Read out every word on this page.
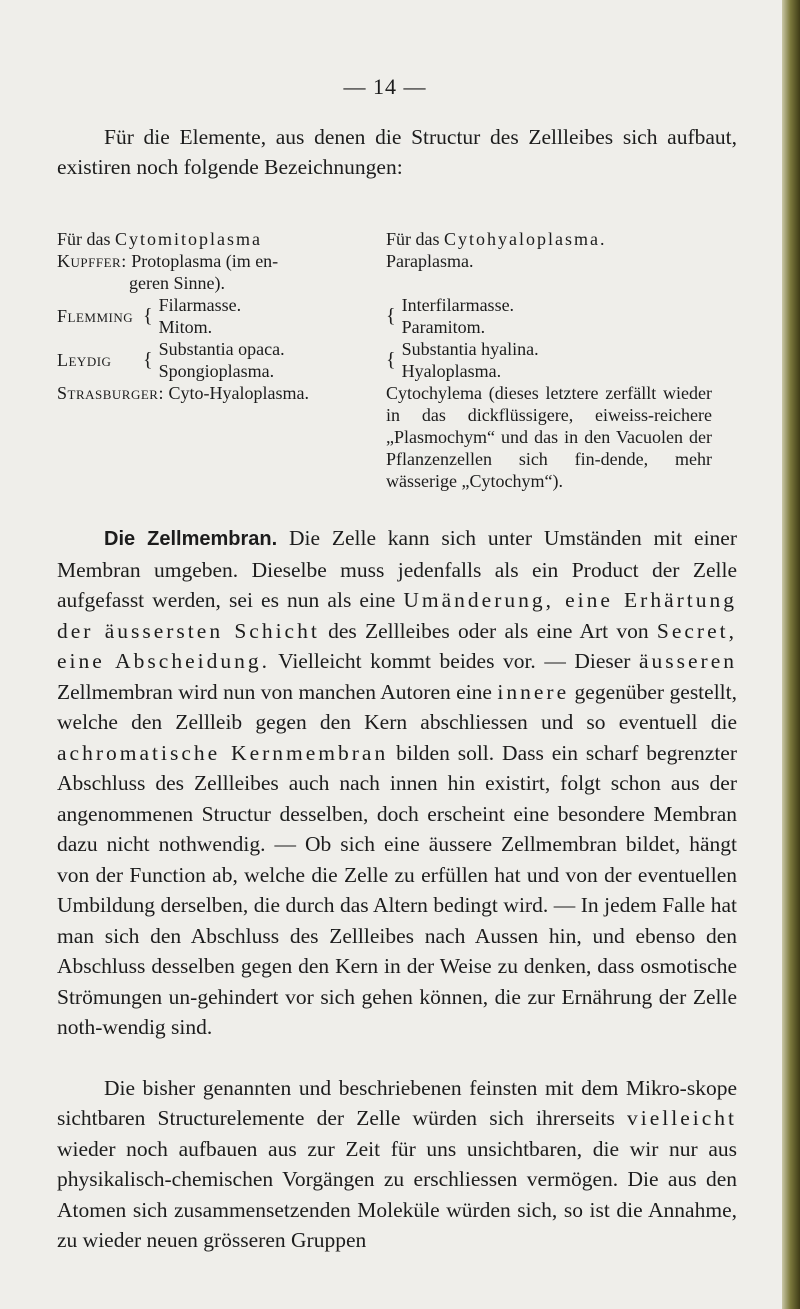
— 14 —

Für die Elemente, aus denen die Structur des Zellleibes sich aufbaut, existiren noch folgende Bezeichnungen:

Für das Cytomitoplasma
Kupffer: Protoplasma (im en-
geren Sinne).
Flemming { Filarmasse.
Mitom.
Leydig	{ Substantia opaca.
Spongioplasma.
Strasburger: Cyto-Hyaloplasma.
Für das Cytohyaloplasma.
Paraplasma.
{ Interfilarmasse.
Paramitom.
{ Substantia hyalina.
Hyaloplasma.
Cytochylema (dieses letztere zerfällt wieder in das dickflüssigere, eiweiss-reichere „Plasmochym“ und das in den Vacuolen der Pflanzenzellen sich fin-dende, mehr wässerige „Cytochym“).

Die Zellmembran. Die Zelle kann sich unter Umständen mit einer Membran umgeben. Dieselbe muss jedenfalls als ein Product der Zelle aufgefasst werden, sei es nun als eine Umänderung, eine Erhärtung der äussersten Schicht des Zellleibes oder als eine Art von Secret, eine Abscheidung. Vielleicht kommt beides vor. — Dieser äusseren Zellmembran wird nun von manchen Autoren eine innere gegenüber gestellt, welche den Zellleib gegen den Kern abschliessen und so eventuell die achromatische Kernmembran bilden soll. Dass ein scharf begrenzter Abschluss des Zellleibes auch nach innen hin existirt, folgt schon aus der angenommenen Structur desselben, doch erscheint eine besondere Membran dazu nicht nothwendig. — Ob sich eine äussere Zellmembran bildet, hängt von der Function ab, welche die Zelle zu erfüllen hat und von der eventuellen Umbildung derselben, die durch das Altern bedingt wird. — In jedem Falle hat man sich den Abschluss des Zellleibes nach Aussen hin, und ebenso den Abschluss desselben gegen den Kern in der Weise zu denken, dass osmotische Strömungen un-gehindert vor sich gehen können, die zur Ernährung der Zelle noth-wendig sind.

Die bisher genannten und beschriebenen feinsten mit dem Mikro-skope sichtbaren Structurelemente der Zelle würden sich ihrerseits vielleicht wieder noch aufbauen aus zur Zeit für uns unsichtbaren, die wir nur aus physikalisch-chemischen Vorgängen zu erschliessen vermögen. Die aus den Atomen sich zusammensetzenden Moleküle würden sich, so ist die Annahme, zu wieder neuen grösseren Gruppen
